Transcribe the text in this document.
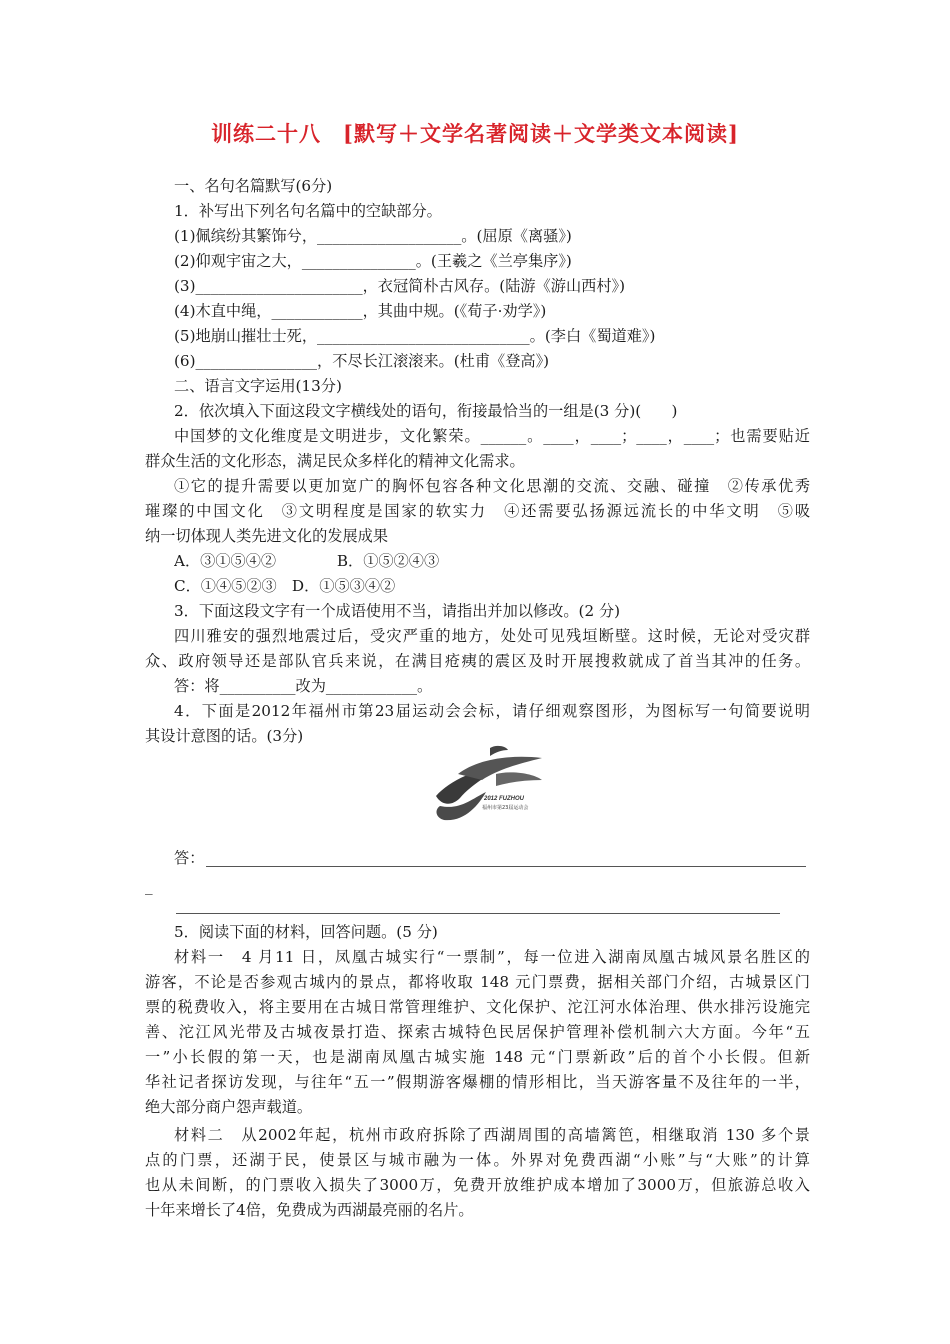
训练二十八　[默写＋文学名著阅读＋文学类文本阅读]
一、名句名篇默写(6分)
1．补写出下列名句名篇中的空缺部分。
(1)佩缤纷其繁饰兮，___________________。(屈原《离骚》)
(2)仰观宇宙之大，_______________。(王羲之《兰亭集序》)
(3)______________________，衣冠简朴古风存。(陆游《游山西村》)
(4)木直中绳，____________，其曲中规。(《荀子·劝学》)
(5)地崩山摧壮士死，____________________________。(李白《蜀道难》)
(6)________________，不尽长江滚滚来。(杜甫《登高》)
二、语言文字运用(13分)
2．依次填入下面这段文字横线处的语句，衔接最恰当的一组是(3 分)(　　)
中国梦的文化维度是文明进步，文化繁荣。______。____，____；____，____；也需要贴近
群众生活的文化形态，满足民众多样化的精神文化需求。
①它的提升需要以更加宽广的胸怀包容各种文化思潮的交流、交融、碰撞　②传承优秀
璀璨的中国文化　③文明程度是国家的软实力　④还需要弘扬源远流长的中华文明　⑤吸
纳一切体现人类先进文化的发展成果
A．③①⑤④②　　　　B．①⑤②④③
C．①④⑤②③　D．①⑤③④②
3．下面这段文字有一个成语使用不当，请指出并加以修改。(2 分)
四川雅安的强烈地震过后，受灾严重的地方，处处可见残垣断壁。这时候，无论对受灾群
众、政府领导还是部队官兵来说，在满目疮痍的震区及时开展搜救就成了首当其冲的任务。
答：将__________改为____________。
4．下面是2012年福州市第23届运动会会标，请仔细观察图形，为图标写一句简要说明
其设计意图的话。(3分)
2012 FUZHOU
福州市第23届运动会
答：
_
5．阅读下面的材料，回答问题。(5 分)
材料一　4 月11 日，凤凰古城实行“一票制”，每一位进入湖南凤凰古城风景名胜区的
游客，不论是否参观古城内的景点，都将收取 148 元门票费，据相关部门介绍，古城景区门
票的税费收入，将主要用在古城日常管理维护、文化保护、沱江河水体治理、供水排污设施完
善、沱江风光带及古城夜景打造、探索古城特色民居保护管理补偿机制六大方面。今年“五
一”小长假的第一天，也是湖南凤凰古城实施 148 元“门票新政”后的首个小长假。但新
华社记者探访发现，与往年“五一”假期游客爆棚的情形相比，当天游客量不及往年的一半，
绝大部分商户怨声载道。
材料二　从2002年起，杭州市政府拆除了西湖周围的高墙篱笆，相继取消 130 多个景
点的门票，还湖于民，使景区与城市融为一体。外界对免费西湖“小账”与“大账”的计算
也从未间断，的门票收入损失了3000万，免费开放维护成本增加了3000万，但旅游总收入
十年来增长了4倍，免费成为西湖最亮丽的名片。
